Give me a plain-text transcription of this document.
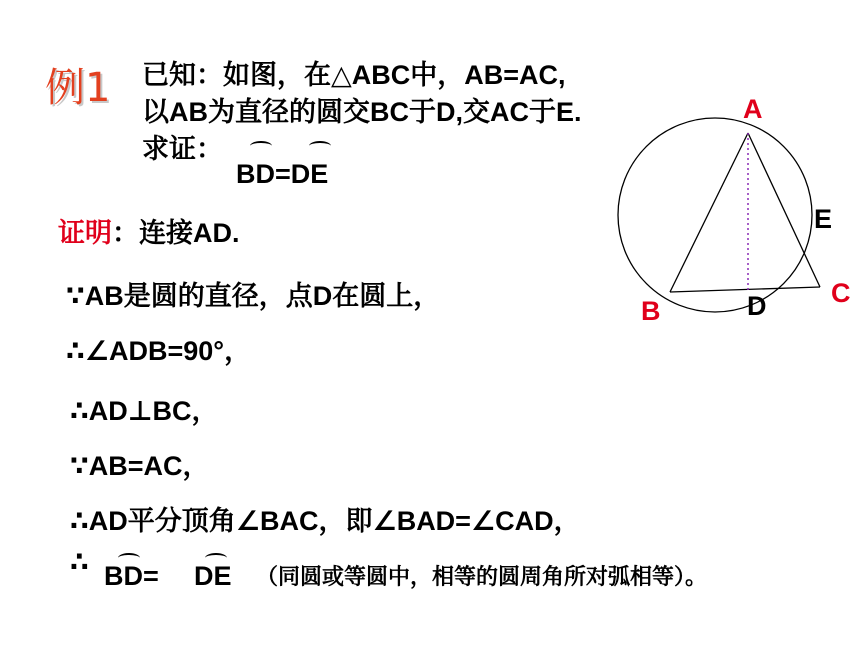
例1 已知：如图，在△ABC中，AB=AC,
以AB为直径的圆交BC于D,交AC于E.
求证：
BD=DE
证明：连接AD.
∵AB是圆的直径，点D在圆上，
∴∠ADB=90°，
∴AD⊥BC，
∵AB=AC，
∴AD平分顶角∠BAC，即∠BAD=∠CAD，
∴ BD= DE （同圆或等圆中，相等的圆周角所对弧相等）。
A
B
C
D
E
